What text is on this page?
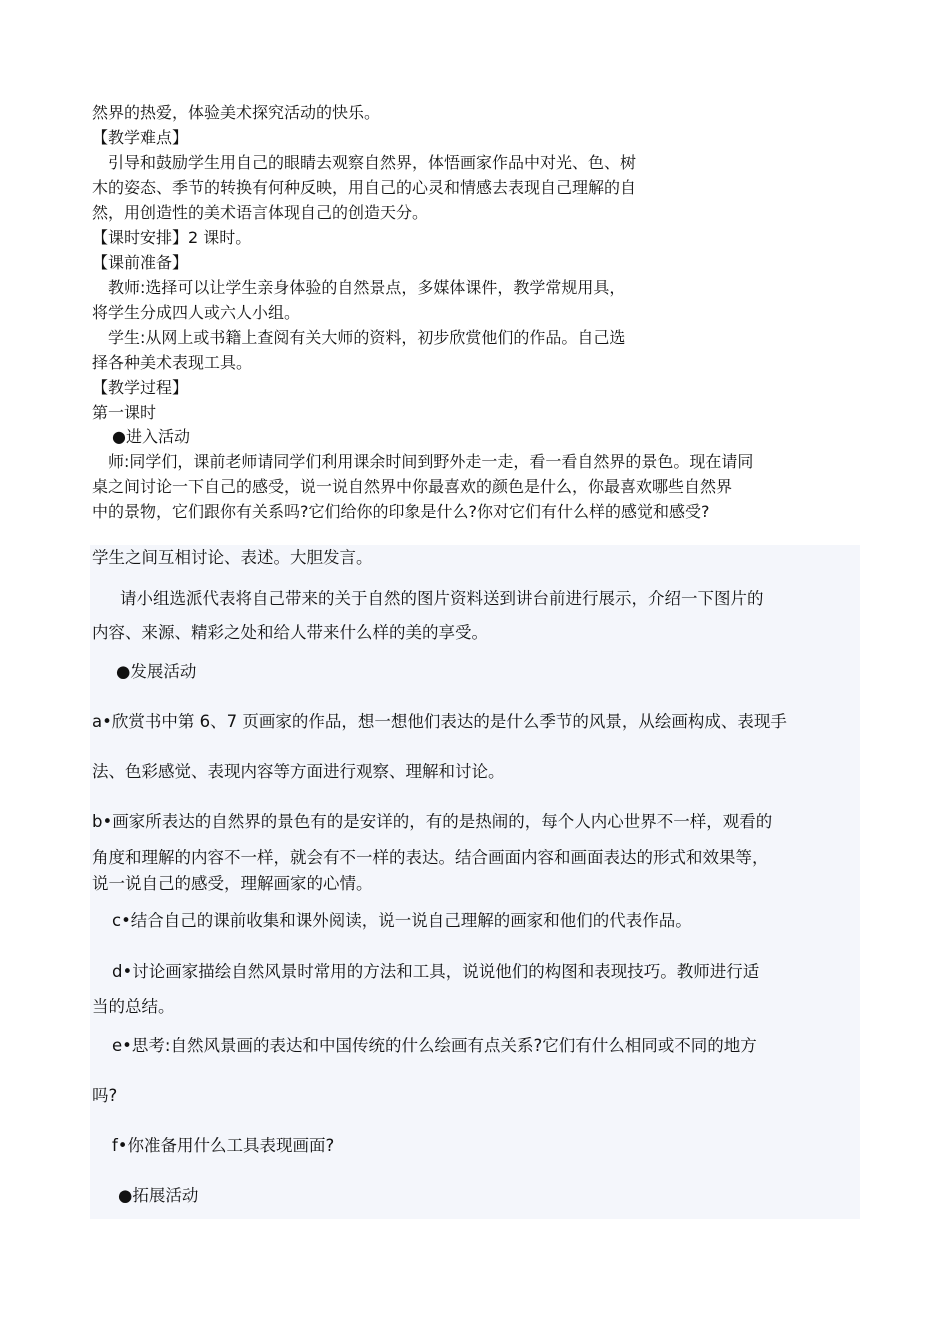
然界的热爱，体验美术探究活动的快乐。
【教学难点】
引导和鼓励学生用自己的眼睛去观察自然界，体悟画家作品中对光、色、树
木的姿态、季节的转换有何种反映，用自己的心灵和情感去表现自己理解的自
然，用创造性的美术语言体现自己的创造天分。
【课时安排】2 课时。
【课前准备】
教师:选择可以让学生亲身体验的自然景点，多媒体课件，教学常规用具，
将学生分成四人或六人小组。
学生:从网上或书籍上查阅有关大师的资料，初步欣赏他们的作品。自己选
择各种美术表现工具。
【教学过程】
第一课时
●进入活动
师:同学们，课前老师请同学们利用课余时间到野外走一走，看一看自然界的景色。现在请同
桌之间讨论一下自己的感受，说一说自然界中你最喜欢的颜色是什么，你最喜欢哪些自然界
中的景物，它们跟你有关系吗?它们给你的印象是什么?你对它们有什么样的感觉和感受?
学生之间互相讨论、表述。大胆发言。
请小组选派代表将自己带来的关于自然的图片资料送到讲台前进行展示，介绍一下图片的
内容、来源、精彩之处和给人带来什么样的美的享受。
●发展活动
a•欣赏书中第 6、7 页画家的作品，想一想他们表达的是什么季节的风景，从绘画构成、表现手
法、色彩感觉、表现内容等方面进行观察、理解和讨论。
b•画家所表达的自然界的景色有的是安详的，有的是热闹的，每个人内心世界不一样，观看的
角度和理解的内容不一样，就会有不一样的表达。结合画面内容和画面表达的形式和效果等，
说一说自己的感受，理解画家的心情。
c•结合自己的课前收集和课外阅读，说一说自己理解的画家和他们的代表作品。
d•讨论画家描绘自然风景时常用的方法和工具，说说他们的构图和表现技巧。教师进行适
当的总结。
e•思考:自然风景画的表达和中国传统的什么绘画有点关系?它们有什么相同或不同的地方
吗?
f•你准备用什么工具表现画面?
●拓展活动
